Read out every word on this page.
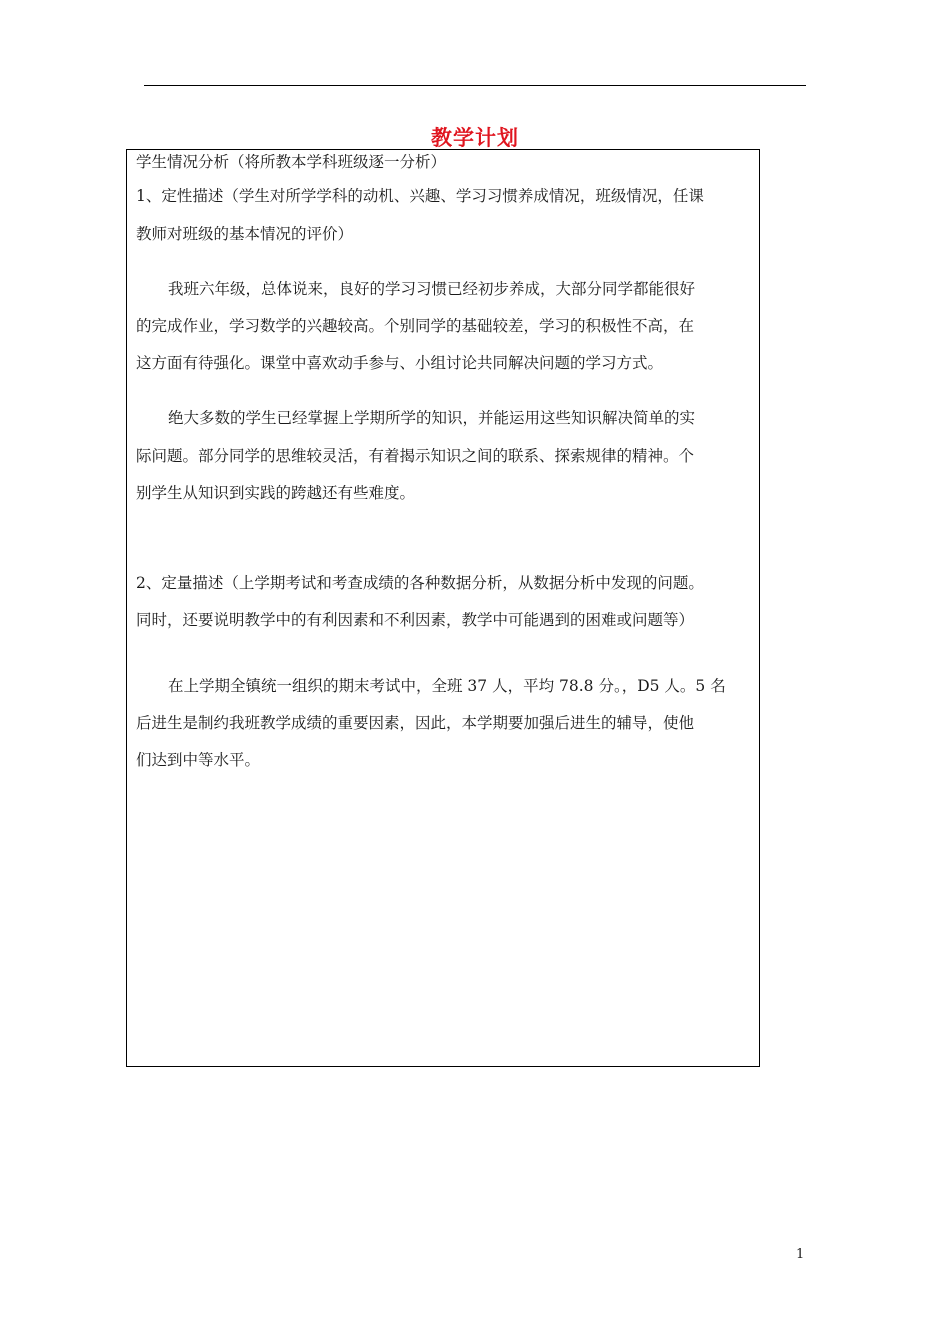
教学计划
学生情况分析（将所教本学科班级逐一分析）
1、定性描述（学生对所学学科的动机、兴趣、学习习惯养成情况，班级情况，任课
教师对班级的基本情况的评价）
我班六年级，总体说来，良好的学习习惯已经初步养成，大部分同学都能很好
的完成作业，学习数学的兴趣较高。个别同学的基础较差，学习的积极性不高，在
这方面有待强化。课堂中喜欢动手参与、小组讨论共同解决问题的学习方式。
绝大多数的学生已经掌握上学期所学的知识，并能运用这些知识解决简单的实
际问题。部分同学的思维较灵活，有着揭示知识之间的联系、探索规律的精神。个
别学生从知识到实践的跨越还有些难度。
2、定量描述（上学期考试和考查成绩的各种数据分析，从数据分析中发现的问题。
同时，还要说明教学中的有利因素和不利因素，教学中可能遇到的困难或问题等）
在上学期全镇统一组织的期末考试中，全班 37 人，平均 78.8 分。，D5 人。5 名
后进生是制约我班教学成绩的重要因素，因此，本学期要加强后进生的辅导，使他
们达到中等水平。
1
